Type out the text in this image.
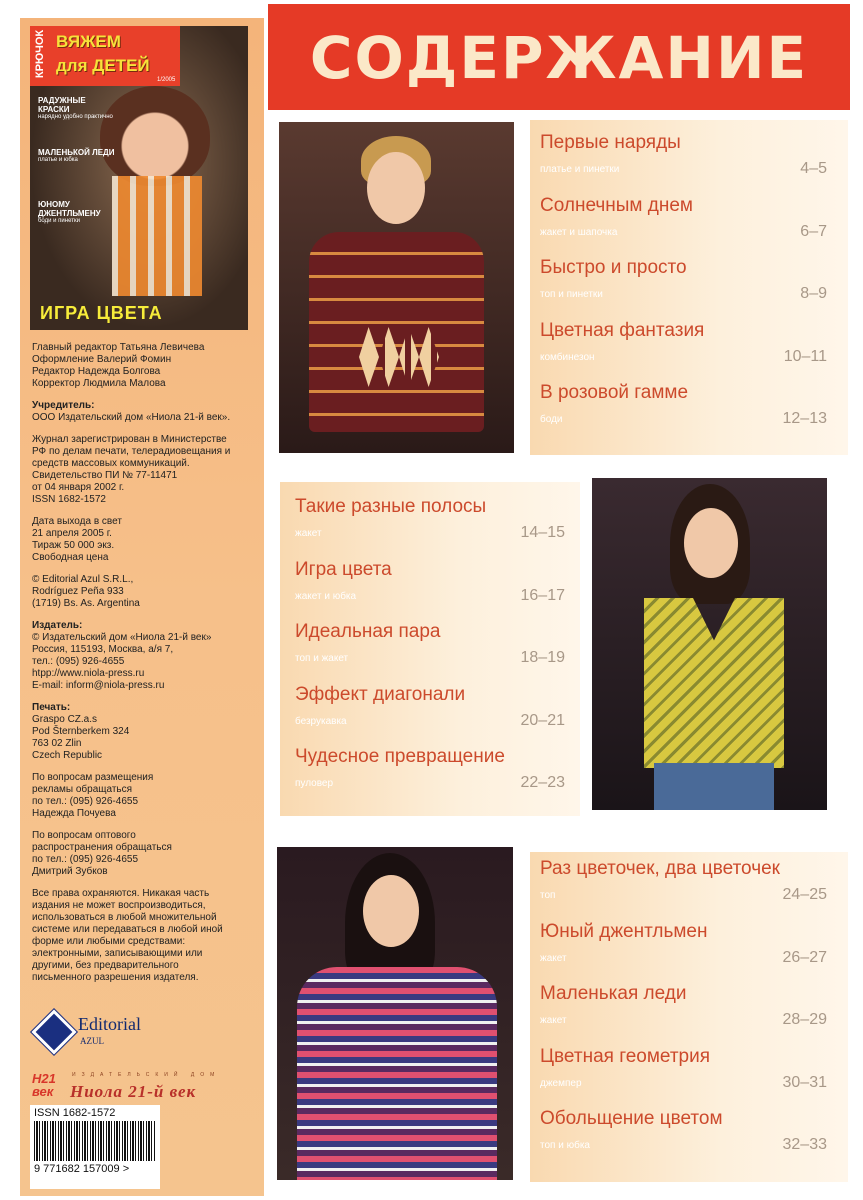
КРЮЧОК ВЯЖЕМ для ДЕТЕЙ
1/2005
РАДУЖНЫЕ КРАСКИ
нарядно удобно практично
МАЛЕНЬКОЙ ЛЕДИ
платье и юбка
ЮНОМУ ДЖЕНТЛЬМЕНУ
боди и пинетки
ИГРА ЦВЕТА
Главный редактор Татьяна Левичева
Оформление Валерий Фомин
Редактор Надежда Болгова
Корректор Людмила Малова
Учредитель:
ООО Издательский дом «Ниола 21-й век».
Журнал зарегистрирован в Министерстве
РФ по делам печати, телерадиовещания и
средств массовых коммуникаций.
Свидетельство ПИ № 77-11471
от 04 января 2002 г.
ISSN 1682-1572
Дата выхода в свет
21 апреля 2005 г.
Тираж 50 000 экз.
Свободная цена
© Editorial Azul S.R.L.,
Rodríguez Peña 933
(1719) Bs. As. Argentina
Издатель:
© Издательский дом «Ниола 21-й век»
Россия, 115193, Москва, а/я 7,
тел.: (095) 926-4655
htpp://www.niola-press.ru
E-mail: inform@niola-press.ru
Печать:
Graspo CZ.a.s
Pod Šternberkem 324
763 02 Zlin
Czech Republic
По вопросам размещения
рекламы обращаться
по тел.: (095) 926-4655
Надежда Почуева
По вопросам оптового
распространения обращаться
по тел.: (095) 926-4655
Дмитрий Зубков
Все права охраняются. Никакая часть
издания не может воспроизводиться,
использоваться в любой множительной
системе или передаваться в любой иной
форме или любыми средствами:
электронными, записывающими или
другими, без предварительного
письменного разрешения издателя.
Editorial
AZUL
Н21 век
ИЗДАТЕЛЬСКИЙ ДОМ
Ниола 21-й век
ISSN 1682-1572
9 771682 157009 >
СОДЕРЖАНИЕ
Первые наряды
платье и пинетки	4–5
Солнечным днем
жакет и шапочка	6–7
Быстро и просто
топ и пинетки	8–9
Цветная фантазия
комбинезон	10–11
В розовой гамме
боди	12–13
Такие разные полосы
жакет	14–15
Игра цвета
жакет и юбка	16–17
Идеальная пара
топ и жакет	18–19
Эффект диагонали
безрукавка	20–21
Чудесное превращение
пуловер	22–23
Раз цветочек, два цветочек
топ	24–25
Юный джентльмен
жакет	26–27
Маленькая леди
жакет	28–29
Цветная геометрия
джемпер	30–31
Обольщение цветом
топ и юбка	32–33
